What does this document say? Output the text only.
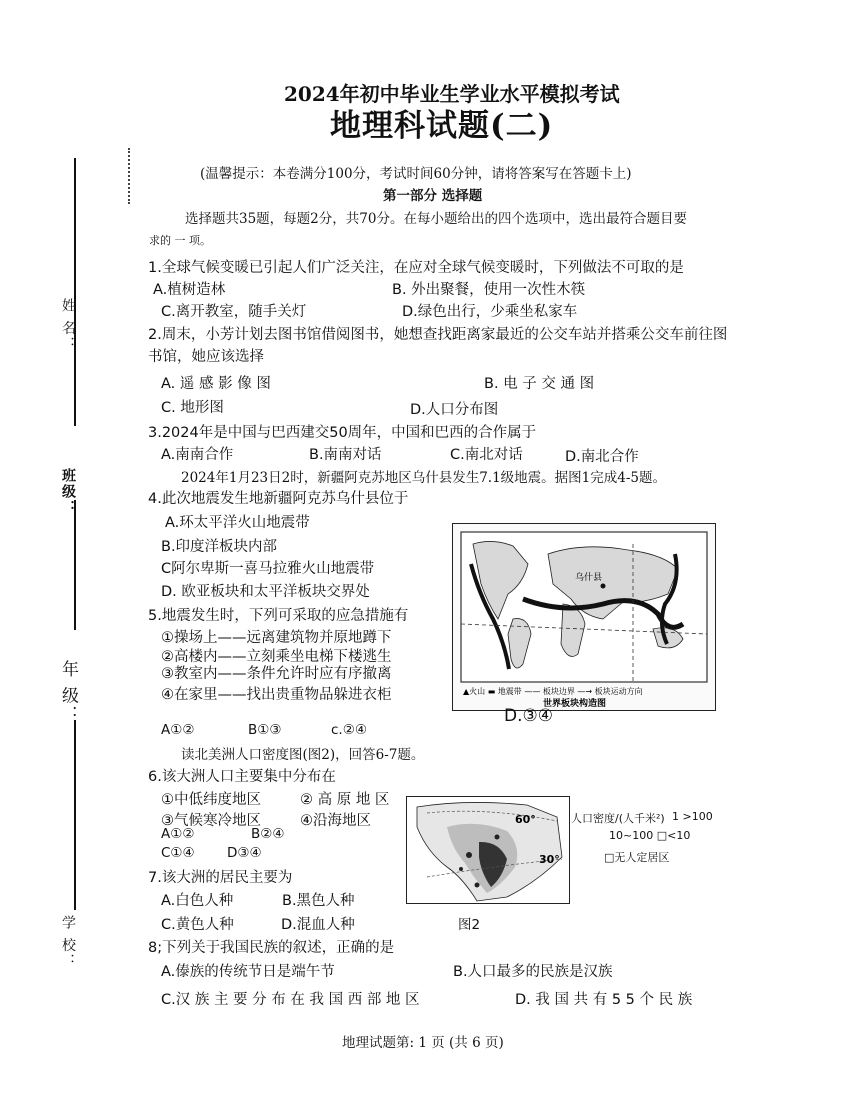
姓 名：
班级：
年 级：
学 校：
2024年初中毕业生学业水平模拟考试
地理科试题(二)
(温馨提示：本卷满分100分，考试时间60分钟，请将答案写在答题卡上)
第一部分 选择题
选择题共35题，每题2分，共70分。在每小题给出的四个选项中，选出最符合题目要
求的 一 项。
1.全球气候变暖已引起人们广泛关注，在应对全球气候变暖时，下列做法不可取的是
A.植树造林	B. 外出聚餐，使用一次性木筷
C.离开教室，随手关灯	D.绿色出行，少乘坐私家车
2.周末，小芳计划去图书馆借阅图书，她想查找距离家最近的公交车站并搭乘公交车前往图
书馆，她应该选择
A. 遥 感 影 像 图	B. 电 子 交 通 图
C. 地形图	D.人口分布图
3.2024年是中国与巴西建交50周年，中国和巴西的合作属于
A.南南合作	B.南南对话	C.南北对话	D.南北合作
2024年1月23日2时，新疆阿克苏地区乌什县发生7.1级地震。据图1完成4-5题。
4.此次地震发生地新疆阿克苏乌什县位于
A.环太平洋火山地震带
B.印度洋板块内部
C阿尔卑斯一喜马拉雅火山地震带
D. 欧亚板块和太平洋板块交界处
乌什县
▲火山 ▬ 地震带 —— 板块边界 —→ 板块运动方向
世界板块构造图
5.地震发生时，下列可采取的应急措施有
①操场上——远离建筑物并原地蹲下
②高楼内——立刻乘坐电梯下楼逃生
③教室内——条件允许时应有序撤离
④在家里——找出贵重物品躲进衣柜
A①②	B①③	c.②④
D.③④
读北美洲人口密度图(图2)，回答6-7题。
6.该大洲人口主要集中分布在
①中低纬度地区	② 高 原 地 区
③气候寒冷地区	④沿海地区
A①②	B②④
C①④ D③④
60°
30°
人口密度/(人千米²) 1 >100
10~100 □<10
□无人定居区
7.该大洲的居民主要为
A.白色人种	B.黑色人种
C.黄色人种	D.混血人种	图2
8;下列关于我国民族的叙述，正确的是
A.傣族的传统节日是端午节	B.人口最多的民族是汉族
C.汉 族 主 要 分 布 在 我 国 西 部 地 区	D. 我 国 共 有 5 5 个 民 族
地理试题第: 1 页 (共 6 页)
